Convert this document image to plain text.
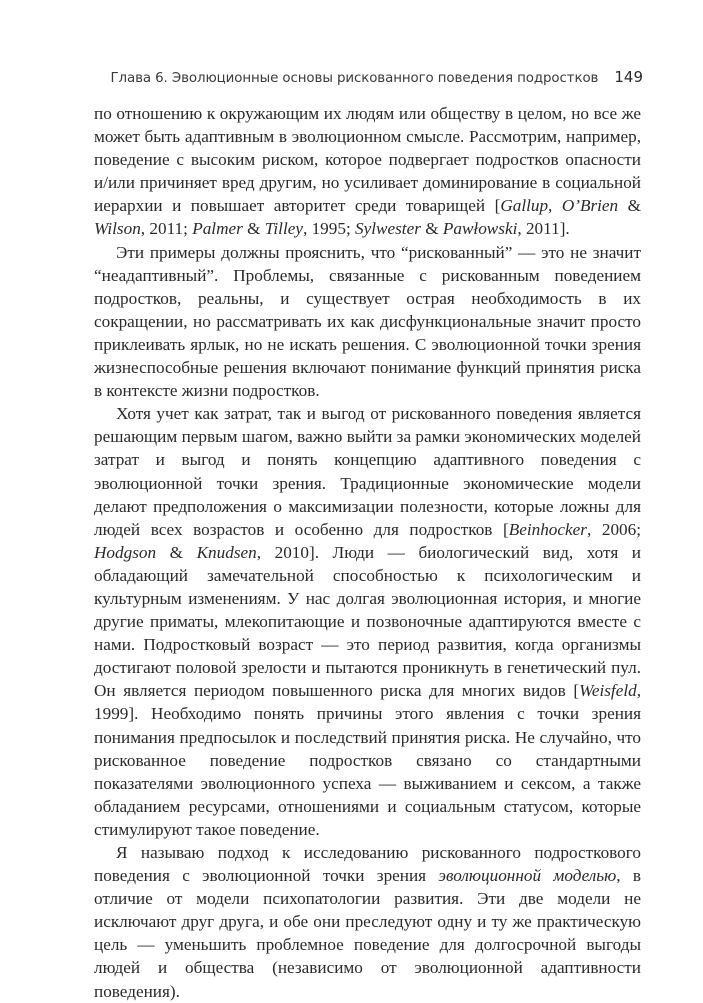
Глава 6. Эволюционные основы рискованного поведения подростков 149

по отношению к окружающим их людям или обществу в целом, но все же может быть адаптивным в эволюционном смысле. Рассмотрим, например, поведение с высоким риском, которое подвергает подростков опасности и/или причиняет вред другим, но усиливает доминирование в социальной иерархии и повышает авторитет среди товарищей [Gallup, O’Brien & Wilson, 2011; Palmer & Tilley, 1995; Sylwester & Pawłowski, 2011].

Эти примеры должны прояснить, что “рискованный” — это не значит “неадаптивный”. Проблемы, связанные с рискованным поведением подростков, реальны, и существует острая необходимость в их сокращении, но рассматривать их как дисфункциональные значит просто приклеивать ярлык, но не искать решения. С эволюционной точки зрения жизнеспособные решения включают понимание функций принятия риска в контексте жизни подростков.

Хотя учет как затрат, так и выгод от рискованного поведения является решающим первым шагом, важно выйти за рамки экономических моделей затрат и выгод и понять концепцию адаптивного поведения с эволюционной точки зрения. Традиционные экономические модели делают предположения о максимизации полезности, которые ложны для людей всех возрастов и особенно для подростков [Beinhocker, 2006; Hodgson & Knudsen, 2010]. Люди — биологический вид, хотя и обладающий замечательной способностью к психологическим и культурным изменениям. У нас долгая эволюционная история, и многие другие приматы, млекопитающие и позвоночные адаптируются вместе с нами. Подростковый возраст — это период развития, когда организмы достигают половой зрелости и пытаются проникнуть в генетический пул. Он является периодом повышенного риска для многих видов [Weisfeld, 1999]. Необходимо понять причины этого явления с точки зрения понимания предпосылок и последствий принятия риска. Не случайно, что рискованное поведение подростков связано со стандартными показателями эволюционного успеха — выживанием и сексом, а также обладанием ресурсами, отношениями и социальным статусом, которые стимулируют такое поведение.

Я называю подход к исследованию рискованного подросткового поведения с эволюционной точки зрения эволюционной моделью, в отличие от модели психопатологии развития. Эти две модели не исключают друг друга, и обе они преследуют одну и ту же практическую цель — уменьшить проблемное поведение для долгосрочной выгоды людей и общества (независимо от эволюционной адаптивности поведения).
